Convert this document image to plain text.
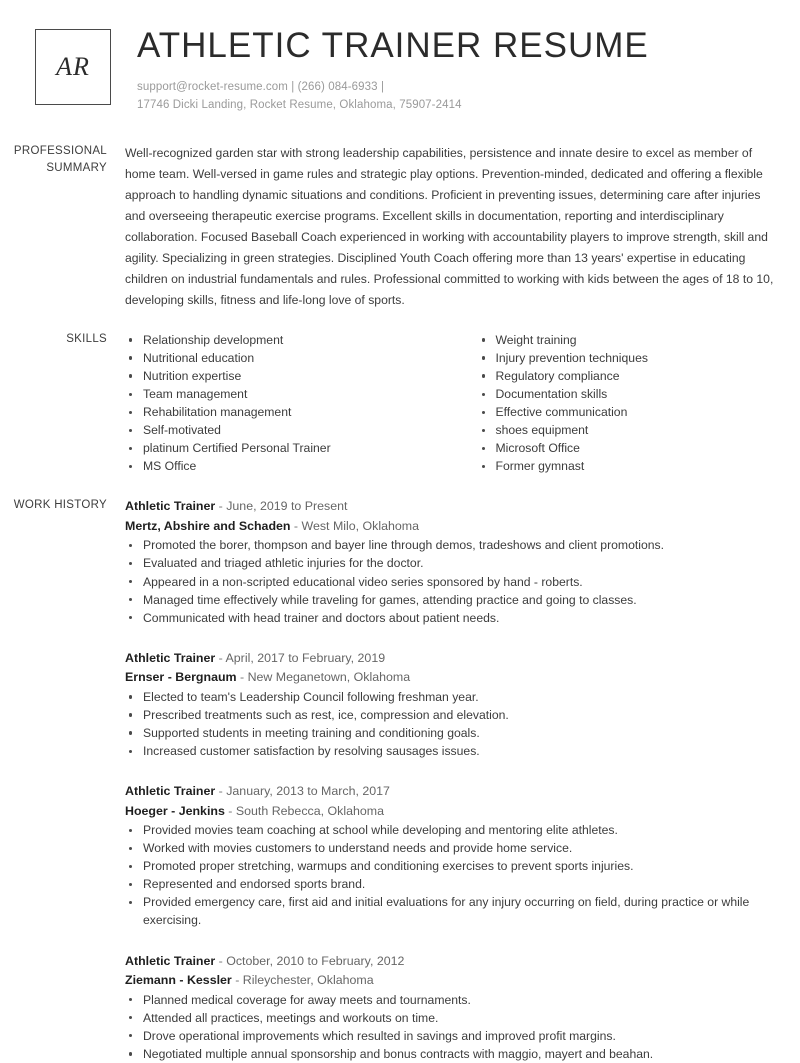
AR
ATHLETIC TRAINER RESUME
support@rocket-resume.com | (266) 084-6933 |
17746 Dicki Landing, Rocket Resume, Oklahoma, 75907-2414
PROFESSIONAL
SUMMARY
Well-recognized garden star with strong leadership capabilities, persistence and innate desire to excel as member of home team. Well-versed in game rules and strategic play options. Prevention-minded, dedicated and offering a flexible approach to handling dynamic situations and conditions. Proficient in preventing issues, determining care after injuries and overseeing therapeutic exercise programs. Excellent skills in documentation, reporting and interdisciplinary collaboration. Focused Baseball Coach experienced in working with accountability players to improve strength, skill and agility. Specializing in green strategies. Disciplined Youth Coach offering more than 13 years' expertise in educating children on industrial fundamentals and rules. Professional committed to working with kids between the ages of 18 to 10, developing skills, fitness and life-long love of sports.
SKILLS	Relationship development
Nutritional education
Nutrition expertise
Team management
Rehabilitation management
Self-motivated
platinum Certified Personal Trainer
MS Office
Weight training
Injury prevention techniques
Regulatory compliance
Documentation skills
Effective communication
shoes equipment
Microsoft Office
Former gymnast
WORK HISTORY Athletic Trainer - June, 2019 to Present
Mertz, Abshire and Schaden - West Milo, Oklahoma
Promoted the borer, thompson and bayer line through demos, tradeshows and client promotions.
Evaluated and triaged athletic injuries for the doctor.
Appeared in a non-scripted educational video series sponsored by hand - roberts.
Managed time effectively while traveling for games, attending practice and going to classes.
Communicated with head trainer and doctors about patient needs.
Athletic Trainer - April, 2017 to February, 2019
Ernser - Bergnaum - New Meganetown, Oklahoma
Elected to team's Leadership Council following freshman year.
Prescribed treatments such as rest, ice, compression and elevation.
Supported students in meeting training and conditioning goals.
Increased customer satisfaction by resolving sausages issues.
Athletic Trainer - January, 2013 to March, 2017
Hoeger - Jenkins - South Rebecca, Oklahoma
Provided movies team coaching at school while developing and mentoring elite athletes.
Worked with movies customers to understand needs and provide home service.
Promoted proper stretching, warmups and conditioning exercises to prevent sports injuries.
Represented and endorsed sports brand.
Provided emergency care, first aid and initial evaluations for any injury occurring on field, during practice or while exercising.
Athletic Trainer - October, 2010 to February, 2012
Ziemann - Kessler - Rileychester, Oklahoma
Planned medical coverage for away meets and tournaments.
Attended all practices, meetings and workouts on time.
Drove operational improvements which resulted in savings and improved profit margins.
Negotiated multiple annual sponsorship and bonus contracts with maggio, mayert and beahan.
